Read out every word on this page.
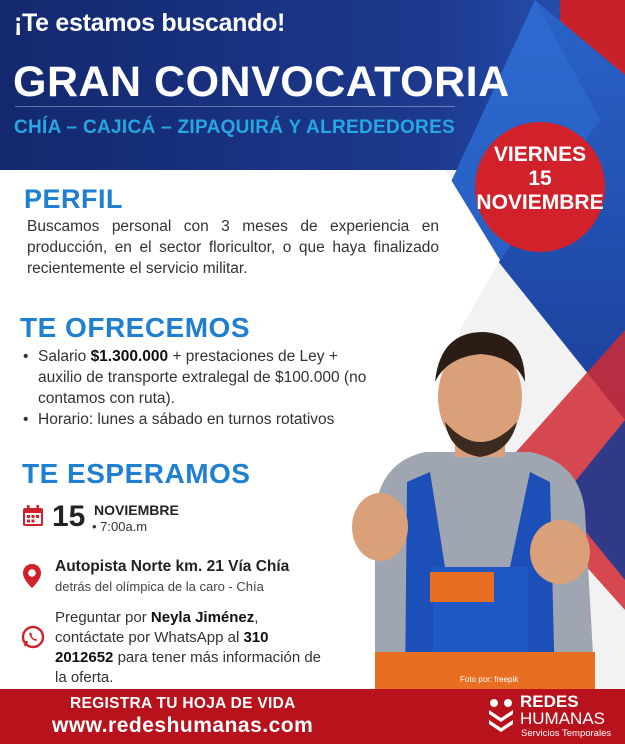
¡Te estamos buscando!
GRAN CONVOCATORIA
CHÍA – CAJICÁ – ZIPAQUIRÁ Y ALREDEDORES
VIERNES
15
NOVIEMBRE
PERFIL
Buscamos personal con 3 meses de experiencia en producción, en el sector floricultor, o que haya finalizado recientemente el servicio militar.
TE OFRECEMOS
• Salario $1.300.000 + prestaciones de Ley + auxilio de transporte extralegal de $100.000 (no contamos con ruta).
• Horario: lunes a sábado en turnos rotativos
TE ESPERAMOS
15 NOVIEMBRE
• 7:00a.m
Autopista Norte km. 21 Vía Chía
detrás del olímpica de la caro - Chía
Preguntar por Neyla Jiménez, contáctate por WhatsApp al 310 2012652 para tener más información de la oferta.	Foto por: freepik
REGISTRA TU HOJA DE VIDA
www.redeshumanas.com
REDES
HUMANAS
Servicios Temporales
